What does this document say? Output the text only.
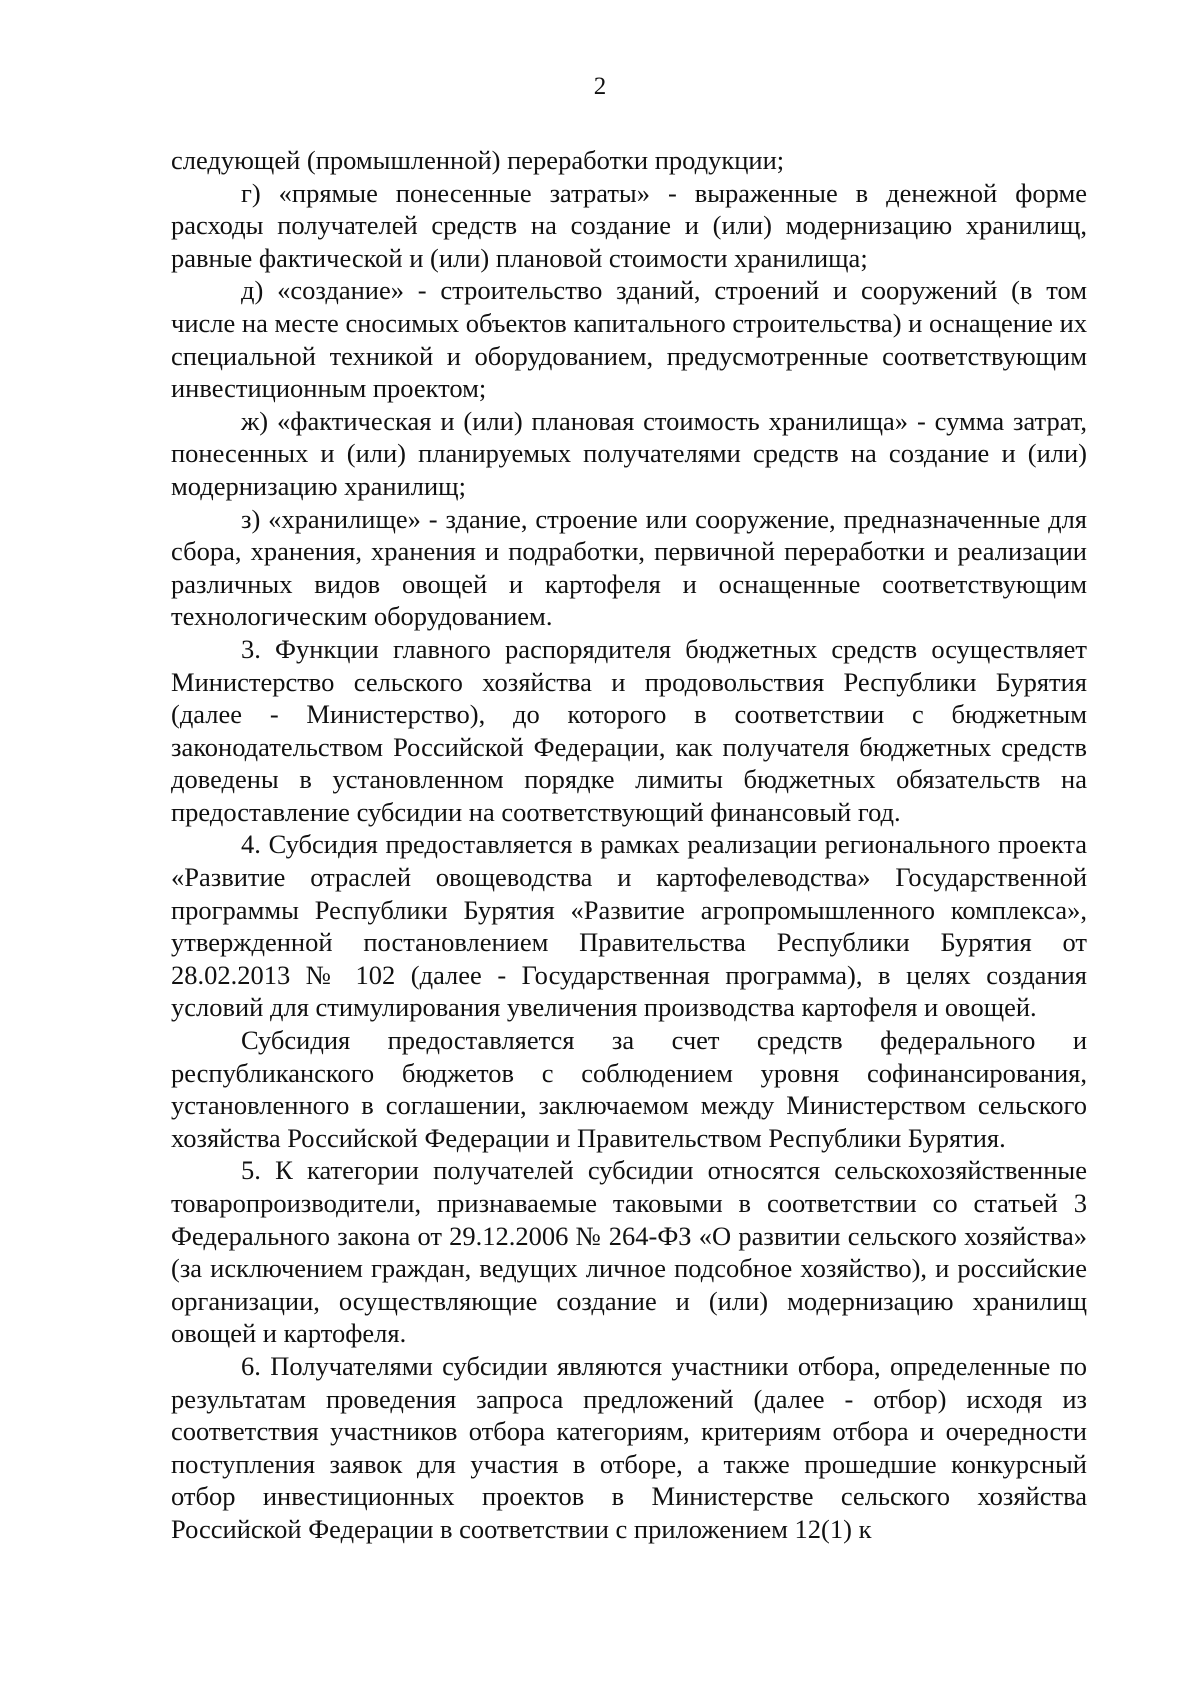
2

следующей (промышленной) переработки продукции;

г) «прямые понесенные затраты» - выраженные в денежной форме расходы получателей средств на создание и (или) модернизацию хранилищ, равные фактической и (или) плановой стоимости хранилища;

д) «создание» - строительство зданий, строений и сооружений (в том числе на месте сносимых объектов капитального строительства) и оснащение их специальной техникой и оборудованием, предусмотренные соответствующим инвестиционным проектом;

ж) «фактическая и (или) плановая стоимость хранилища» - сумма затрат, понесенных и (или) планируемых получателями средств на создание и (или) модернизацию хранилищ;

з) «хранилище» - здание, строение или сооружение, предназначенные для сбора, хранения, хранения и подработки, первичной переработки и реализации различных видов овощей и картофеля и оснащенные соответствующим технологическим оборудованием.

3. Функции главного распорядителя бюджетных средств осуществляет Министерство сельского хозяйства и продовольствия Республики Бурятия (далее - Министерство), до которого в соответствии с бюджетным законодательством Российской Федерации, как получателя бюджетных средств доведены в установленном порядке лимиты бюджетных обязательств на предоставление субсидии на соответствующий финансовый год.

4. Субсидия предоставляется в рамках реализации регионального проекта «Развитие отраслей овощеводства и картофелеводства» Государственной программы Республики Бурятия «Развитие агропромышленного комплекса», утвержденной постановлением Правительства Республики Бурятия от 28.02.2013 № 102 (далее - Государственная программа), в целях создания условий для стимулирования увеличения производства картофеля и овощей.

Субсидия предоставляется за счет средств федерального и республиканского бюджетов с соблюдением уровня софинансирования, установленного в соглашении, заключаемом между Министерством сельского хозяйства Российской Федерации и Правительством Республики Бурятия.

5. К категории получателей субсидии относятся сельскохозяйственные товаропроизводители, признаваемые таковыми в соответствии со статьей 3 Федерального закона от 29.12.2006 № 264-ФЗ «О развитии сельского хозяйства» (за исключением граждан, ведущих личное подсобное хозяйство), и российские организации, осуществляющие создание и (или) модернизацию хранилищ овощей и картофеля.

6. Получателями субсидии являются участники отбора, определенные по результатам проведения запроса предложений (далее - отбор) исходя из соответствия участников отбора категориям, критериям отбора и очередности поступления заявок для участия в отборе, а также прошедшие конкурсный отбор инвестиционных проектов в Министерстве сельского хозяйства Российской Федерации в соответствии с приложением 12(1) к
